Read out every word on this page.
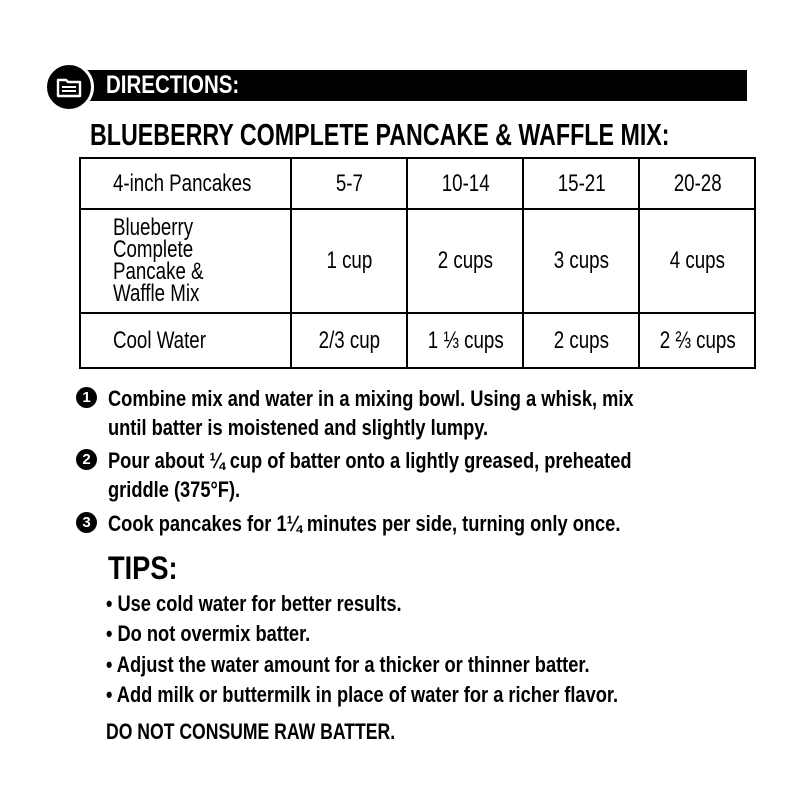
DIRECTIONS:
BLUEBERRY COMPLETE PANCAKE & WAFFLE MIX:
4-inch Pancakes	5-7	10-14	15-21	20-28

Blueberry
Complete
Pancake &
Waffle Mix	1 cup	2 cups	3 cups	4 cups
Cool Water	2/3 cup	1 ⅓ cups	2 cups	2 ⅔ cups
1 Combine mix and water in a mixing bowl. Using a whisk, mix
until batter is moistened and slightly lumpy.
2 Pour about ¼ cup of batter onto a lightly greased, preheated
griddle (375°F).
3 Cook pancakes for 1¼ minutes per side, turning only once.
TIPS:
• Use cold water for better results.
• Do not overmix batter.
• Adjust the water amount for a thicker or thinner batter.
• Add milk or buttermilk in place of water for a richer flavor.
DO NOT CONSUME RAW BATTER.
